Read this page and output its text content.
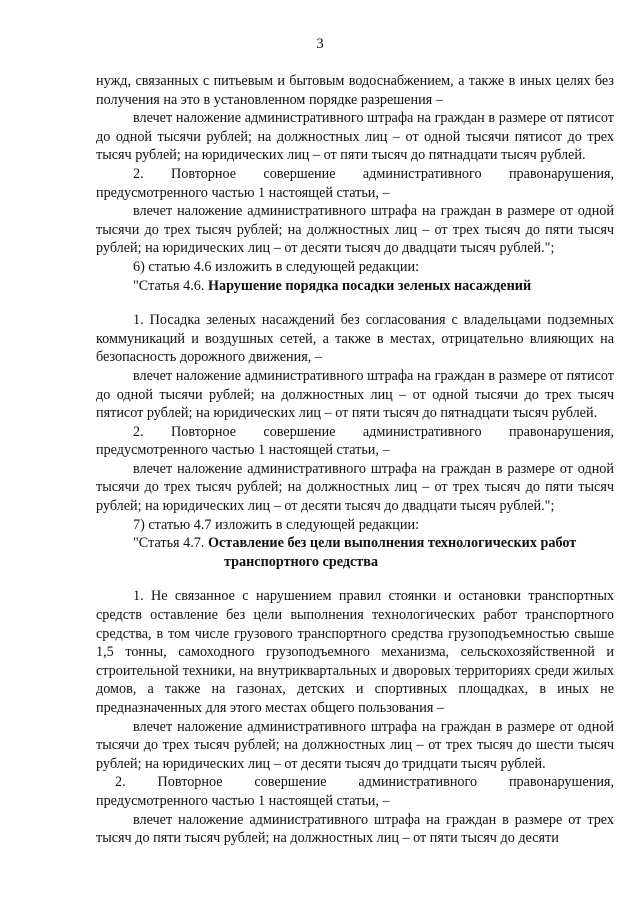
3

нужд, связанных с питьевым и бытовым водоснабжением, а также в иных целях без получения на это в установленном порядке разрешения –

влечет наложение административного штрафа на граждан в размере от пятисот до одной тысячи рублей; на должностных лиц – от одной тысячи пятисот до трех тысяч рублей; на юридических лиц – от пяти тысяч до пятнадцати тысяч рублей.

2. Повторное совершение административного правонарушения, предусмотренного частью 1 настоящей статьи, –

влечет наложение административного штрафа на граждан в размере от одной тысячи до трех тысяч рублей; на должностных лиц – от трех тысяч до пяти тысяч рублей; на юридических лиц – от десяти тысяч до двадцати тысяч рублей.";

6) статью 4.6 изложить в следующей редакции:

"Статья 4.6. Нарушение порядка посадки зеленых насаждений

1. Посадка зеленых насаждений без согласования с владельцами подземных коммуникаций и воздушных сетей, а также в местах, отрицательно влияющих на безопасность дорожного движения, –

влечет наложение административного штрафа на граждан в размере от пятисот до одной тысячи рублей; на должностных лиц – от одной тысячи до трех тысяч пятисот рублей; на юридических лиц – от пяти тысяч до пятнадцати тысяч рублей.

2. Повторное совершение административного правонарушения, предусмотренного частью 1 настоящей статьи, –

влечет наложение административного штрафа на граждан в размере от одной тысячи до трех тысяч рублей; на должностных лиц – от трех тысяч до пяти тысяч рублей; на юридических лиц – от десяти тысяч до двадцати тысяч рублей.";

7) статью 4.7 изложить в следующей редакции:

"Статья 4.7. Оставление без цели выполнения технологических работ

транспортного средства

1. Не связанное с нарушением правил стоянки и остановки транспортных средств оставление без цели выполнения технологических работ транспортного средства, в том числе грузового транспортного средства грузоподъемностью свыше 1,5 тонны, самоходного грузоподъемного механизма, сельскохозяйственной и строительной техники, на внутриквартальных и дворовых территориях среди жилых домов, а также на газонах, детских и спортивных площадках, в иных не предназначенных для этого местах общего пользования –

влечет наложение административного штрафа на граждан в размере от одной тысячи до трех тысяч рублей; на должностных лиц – от трех тысяч до шести тысяч рублей; на юридических лиц – от десяти тысяч до тридцати тысяч рублей.

2. Повторное совершение административного правонарушения, предусмотренного частью 1 настоящей статьи, –

влечет наложение административного штрафа на граждан в размере от трех тысяч до пяти тысяч рублей; на должностных лиц – от пяти тысяч до десяти
